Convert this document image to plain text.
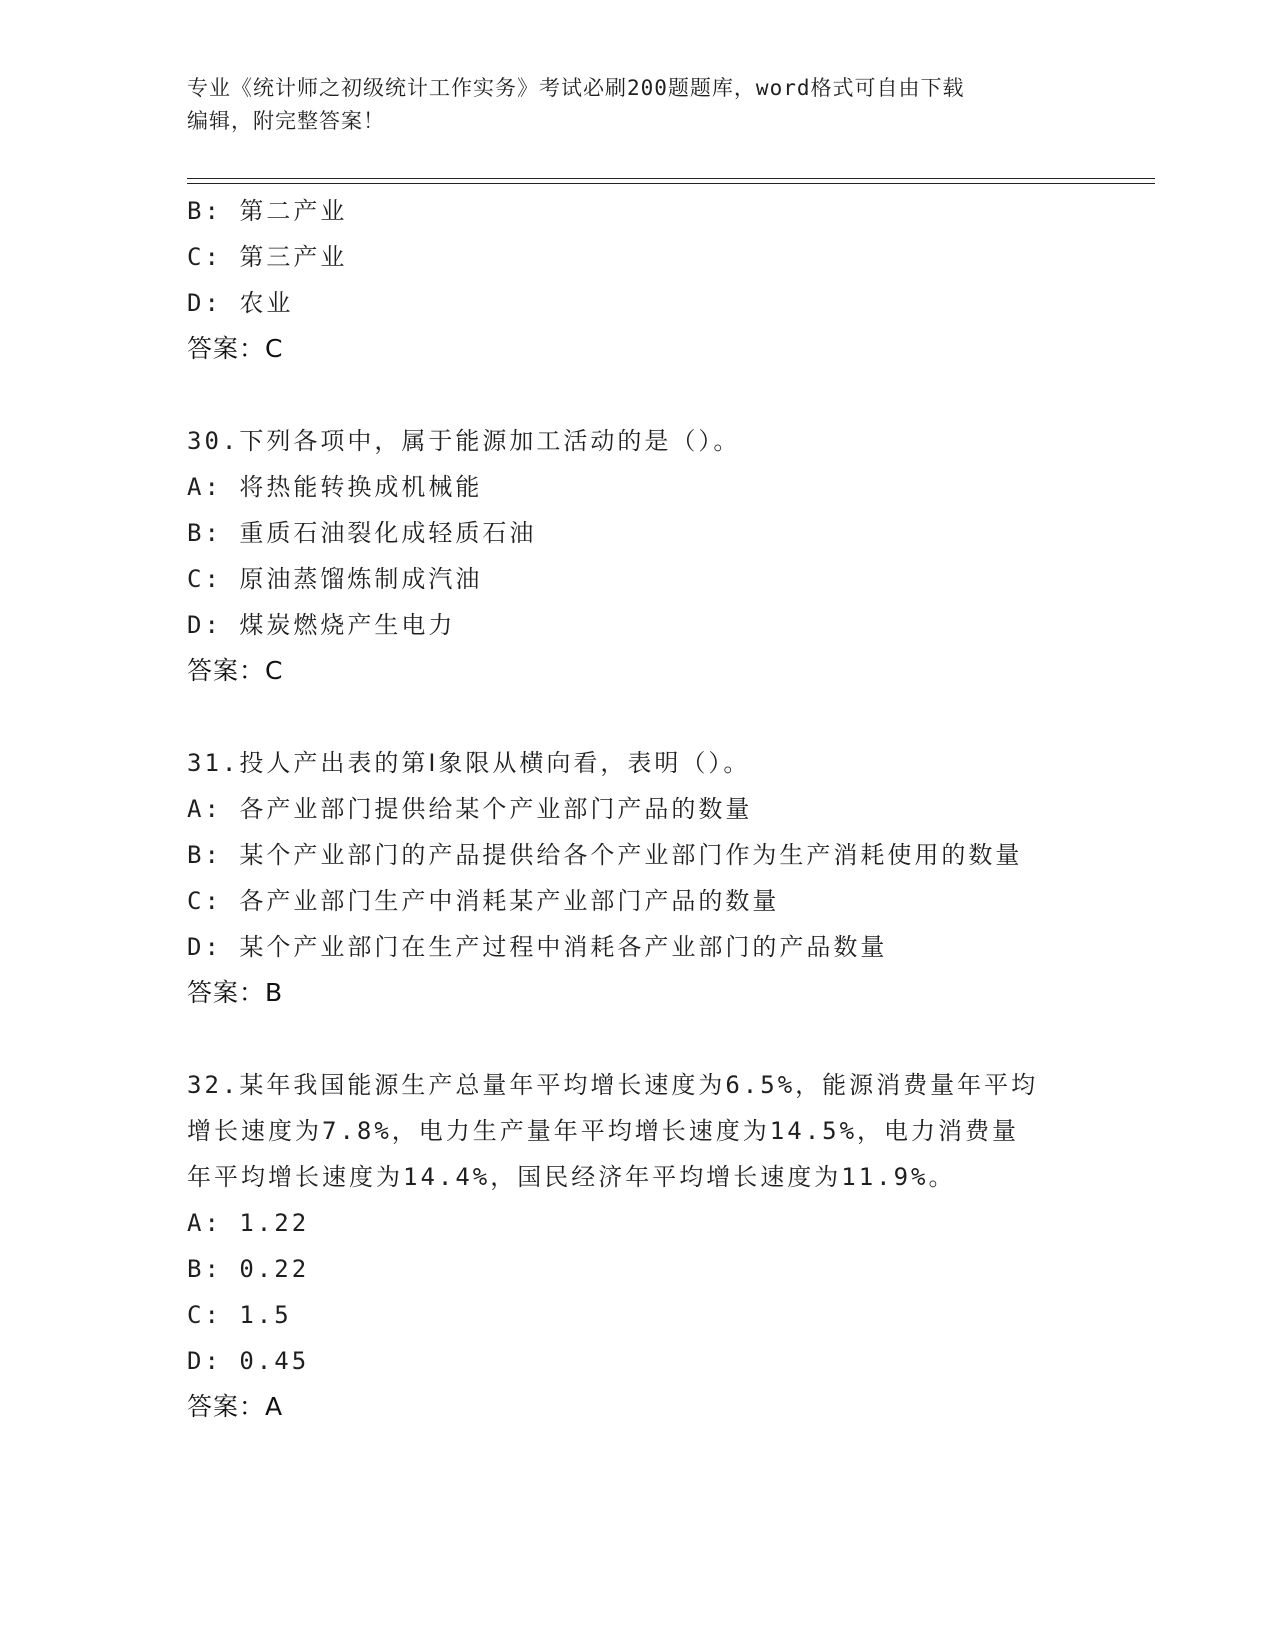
专业《统计师之初级统计工作实务》考试必刷200题题库，word格式可自由下载
编辑，附完整答案！
B: 第二产业
C: 第三产业
D: 农业
答案：C
30.下列各项中，属于能源加工活动的是（）。
A: 将热能转换成机械能
B: 重质石油裂化成轻质石油
C: 原油蒸馏炼制成汽油
D: 煤炭燃烧产生电力
答案：C
31.投人产出表的第Ⅰ象限从横向看，表明（）。
A: 各产业部门提供给某个产业部门产品的数量
B: 某个产业部门的产品提供给各个产业部门作为生产消耗使用的数量
C: 各产业部门生产中消耗某产业部门产品的数量
D: 某个产业部门在生产过程中消耗各产业部门的产品数量
答案：B
32.某年我国能源生产总量年平均增长速度为6.5%，能源消费量年平均
增长速度为7.8%，电力生产量年平均增长速度为14.5%，电力消费量
年平均增长速度为14.4%，国民经济年平均增长速度为11.9%。
A: 1.22
B: 0.22
C: 1.5
D: 0.45
答案：A
